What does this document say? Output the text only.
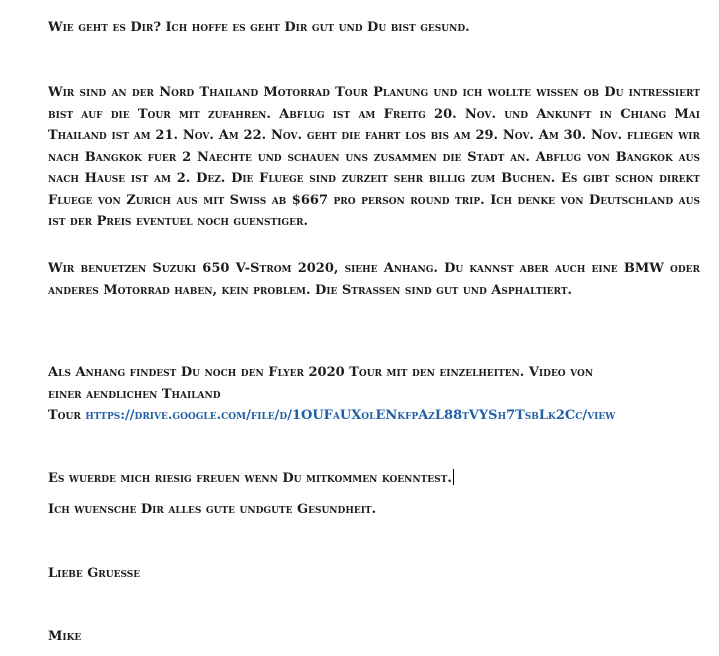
Wie geht es Dir? Ich hoffe es geht Dir gut und Du bist gesund.

Wir sind an der Nord Thailand Motorrad Tour Planung und ich wollte wissen ob Du intressiert bist auf die Tour mit zufahren. Abflug ist am Freitg 20. Nov. und Ankunft in Chiang Mai Thailand ist am 21. Nov. Am 22. Nov. geht die fahrt los bis am 29. Nov. Am 30. Nov. fliegen wir nach Bangkok fuer 2 Naechte und schauen uns zusammen die Stadt an. Abflug von Bangkok aus nach Hause ist am 2. Dez. Die Fluege sind zurzeit sehr billig zum Buchen. Es gibt schon direkt Fluege von Zurich aus mit Swiss ab $667 pro person round trip. Ich denke von Deutschland aus ist der Preis eventuel noch guenstiger.

Wir benuetzen Suzuki 650 V-Strom 2020, siehe Anhang. Du kannst aber auch eine BMW oder anderes Motorrad haben, kein problem. Die Strassen sind gut und Asphaltiert.

Als Anhang findest Du noch den Flyer 2020 Tour mit den einzelheiten. Video von
einer aendlichen Thailand
Tour https://drive.google.com/file/d/1OUFaUXolENkfpAzL88tVYSh7TsbLk2Cc/view

Es wuerde mich riesig freuen wenn Du mitkommen koenntest.

Ich wuensche Dir alles gute undgute Gesundheit.

Liebe Gruesse

Mike
